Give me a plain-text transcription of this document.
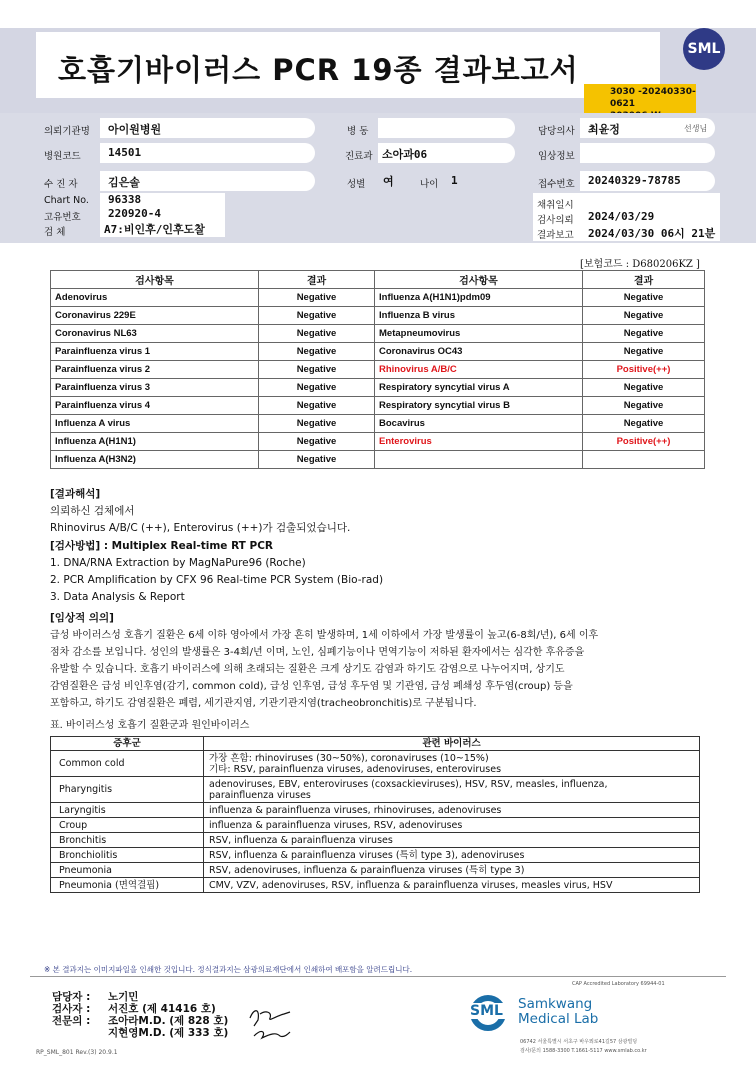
호흡기바이러스 PCR 19종 결과보고서
SML
3030 -20240330-0621
의뢰기관명 아이원병원	병 동	담당의사 최윤정	선생님
병원코드 14501	진료과 소아과06	임상정보
수 진 자	김은솔	성별 여	나이 1	접수번호 20240329-78785
Chart No. 96338
고유번호 220920-4
검 체	A7:비인후/인후도찰
채취일시
검사의뢰 2024/03/29
결과보고 2024/03/30 06시 21분
[보험코드 : D680206KZ ]
검사항목	결과	검사항목	결과
Adenovirus	Negative	Influenza A(H1N1)pdm09	Negative
Coronavirus 229E	Negative	Influenza B virus	Negative
Coronavirus NL63	Negative	Metapneumovirus	Negative
Parainfluenza virus 1	Negative	Coronavirus OC43	Negative
Parainfluenza virus 2	Negative	Rhinovirus A/B/C	Positive(++)
Parainfluenza virus 3	Negative	Respiratory syncytial virus A	Negative
Parainfluenza virus 4	Negative	Respiratory syncytial virus B	Negative
Influenza A virus	Negative	Bocavirus	Negative
Influenza A(H1N1)	Negative	Enterovirus	Positive(++)
Influenza A(H3N2)	Negative		
[결과해석]
의뢰하신 검체에서
Rhinovirus A/B/C (++), Enterovirus (++)가 검출되었습니다.
[검사방법] : Multiplex Real-time RT PCR
1. DNA/RNA Extraction by MagNaPure96 (Roche)
2. PCR Amplification by CFX 96 Real-time PCR System (Bio-rad)
3. Data Analysis & Report
[임상적 의의]
급성 바이러스성 호흡기 질환은 6세 이하 영아에서 가장 흔히 발생하며, 1세 이하에서 가장 발생률이 높고(6-8회/년), 6세 이후
점차 감소를 보입니다. 성인의 발생률은 3-4회/년 이며, 노인, 심폐기능이나 면역기능이 저하된 환자에서는 심각한 후유증을
유발할 수 있습니다. 호흡기 바이러스에 의해 초래되는 질환은 크게 상기도 감염과 하기도 감염으로 나누어지며, 상기도
감염질환은 급성 비인후염(감기, common cold), 급성 인후염, 급성 후두염 및 기관염, 급성 폐쇄성 후두염(croup) 등을
포함하고, 하기도 감염질환은 폐렴, 세기관지염, 기관기관지염(tracheobronchitis)로 구분됩니다.
표. 바이러스성 호흡기 질환군과 원인바이러스
증후군	관련 바이러스
Common cold	가장 흔함: rhinoviruses (30~50%), coronaviruses (10~15%)
기타: RSV, parainfluenza viruses, adenoviruses, enteroviruses

Pharyngitis	adenoviruses, EBV, enteroviruses (coxsackieviruses), HSV, RSV, measles, influenza,
parainfluenza viruses

Laryngitis	influenza & parainfluenza viruses, rhinoviruses, adenoviruses

Croup	influenza & parainfluenza viruses, RSV, adenoviruses

Bronchitis	RSV, influenza & parainfluenza viruses

Bronchiolitis	RSV, influenza & parainfluenza viruses (특히 type 3), adenoviruses

Pneumonia	RSV, adenoviruses, influenza & parainfluenza viruses (특히 type 3)

Pneumonia (면역결핍)	CMV, VZV, adenoviruses, RSV, influenza & parainfluenza viruses, measles virus, HSV
※ 본 결과지는 이미지파일을 인쇄한 것입니다. 정식결과지는 삼광의료재단에서 인쇄하여 배포함을 알려드립니다.
CAP Accredited Laboratory 69944-01
RP_SML_801 Rev.(3) 20.9.1
담당자 : 노기민
검사자 : 서진호 (제 41416 호)
전문의 : 조아라M.D. (제 828 호)
지현영M.D. (제 333 호)
SML	Samkwang
Medical Lab
06742 서울특별시 서초구 바우뫼로41길57 삼광빌딩
검사/문의 1588-3300 T.1661-5117 www.smlab.co.kr
